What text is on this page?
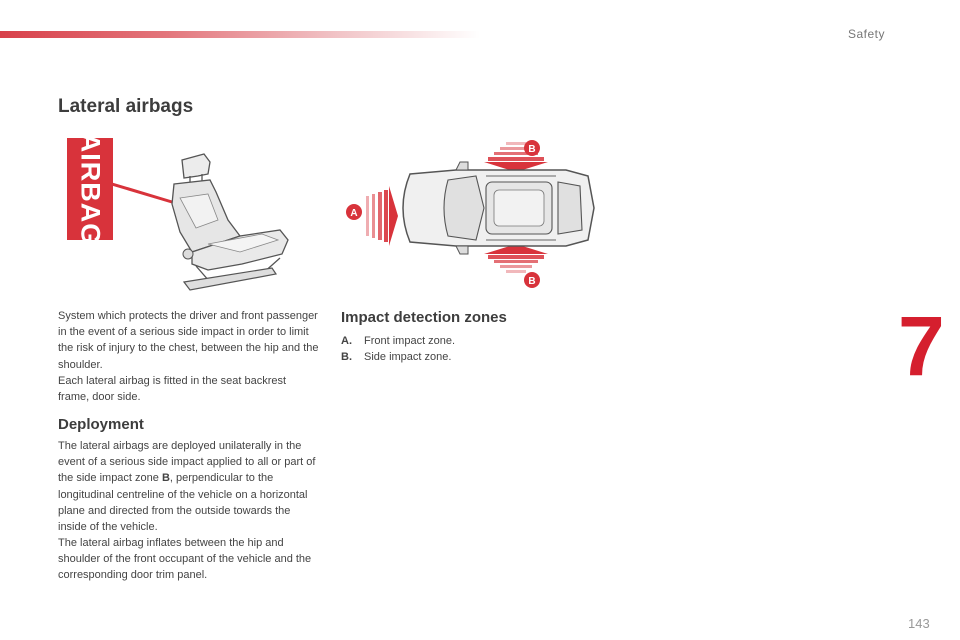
Safety
7
Lateral airbags
AIRBAG	B
B
A

System which protects the driver and front passenger in the event of a serious side impact in order to limit the risk of injury to the chest, between the hip and the shoulder.

Each lateral airbag is fitted in the seat backrest frame, door side.

Deployment

The lateral airbags are deployed unilaterally in the event of a serious side impact applied to all or part of the side impact zone B, perpendicular to the longitudinal centreline of the vehicle on a horizontal plane and directed from the outside towards the inside of the vehicle.

The lateral airbag inflates between the hip and shoulder of the front occupant of the vehicle and the corresponding door trim panel.

Impact detection zones
A. Front impact zone.
B. Side impact zone.
143
